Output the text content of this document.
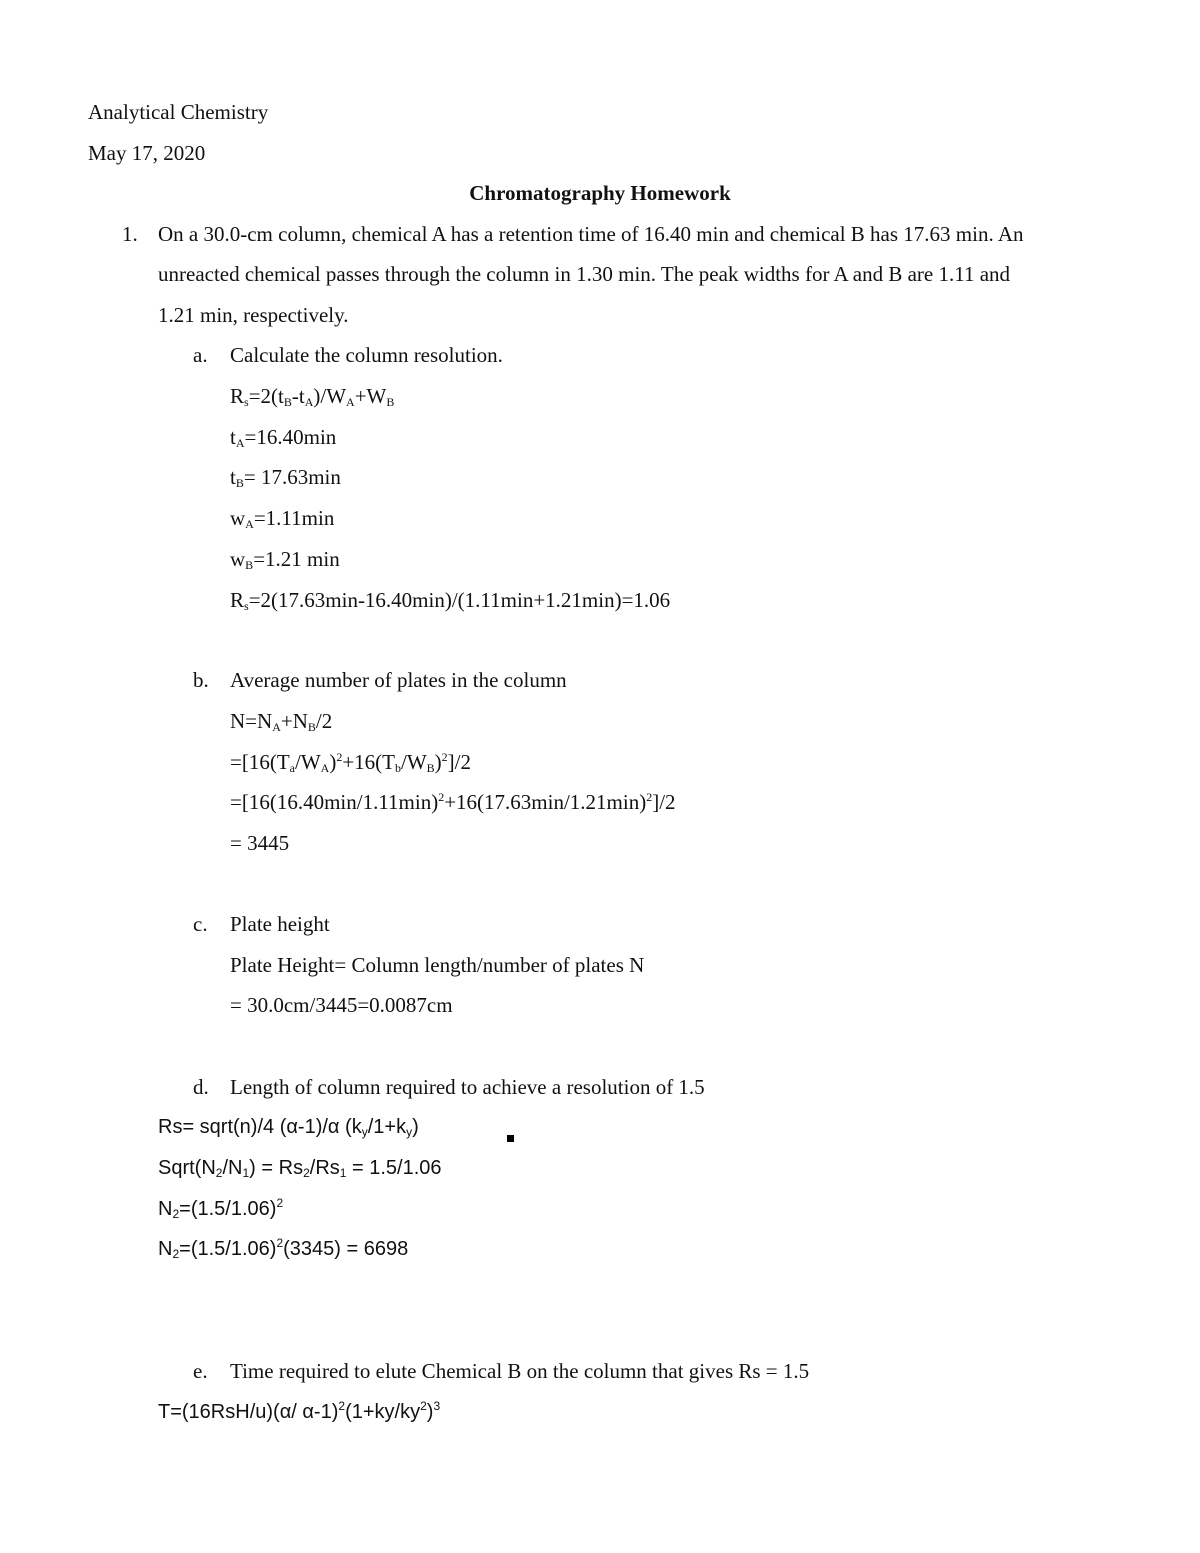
Analytical Chemistry
May 17, 2020
Chromatography Homework
1. On a 30.0-cm column, chemical A has a retention time of 16.40 min and chemical B has 17.63 min. An
unreacted chemical passes through the column in 1.30 min. The peak widths for A and B are 1.11 and
1.21 min, respectively.
a. Calculate the column resolution.
$R_s=2(t_B-t_A)/W_A+W_B$
$t_A=16.40\min$
$t_B= 17.63\min$
$w_A=1.11\min$
$w_B=1.21$ min
$R_s=2(17.63\min-16.40\min)/(1.11\min+1.21\min)=1.06$
b. Average number of plates in the column
$N=N_A+N_B/2$
$=[16(T_a/W_A)^2+16(T_b/W_B)^2]/2$
$=[16(16.40\min/1.11\min)^2+16(17.63\min/1.21\min)^2]/2$
= 3445
c. Plate height
Plate Height= Column length/number of plates N
= 30.0cm/3445=0.0087cm
d. Length of column required to achieve a resolution of 1.5
Rs= sqrt(n)/4 (α-1)/α $(k_y/1+k_y)$
$Sqrt(N_2/N_1) = Rs_2/Rs_1 = 1.5/1.06$
$N_2=(1.5/1.06)^2$
$N_2=(1.5/1.06)^2(3345) = 6698$
e. Time required to elute Chemical B on the column that gives Rs = 1.5
T=(16RsH/u)(α/ $\alpha-1)^2(1+ky/ky^2)^3$
